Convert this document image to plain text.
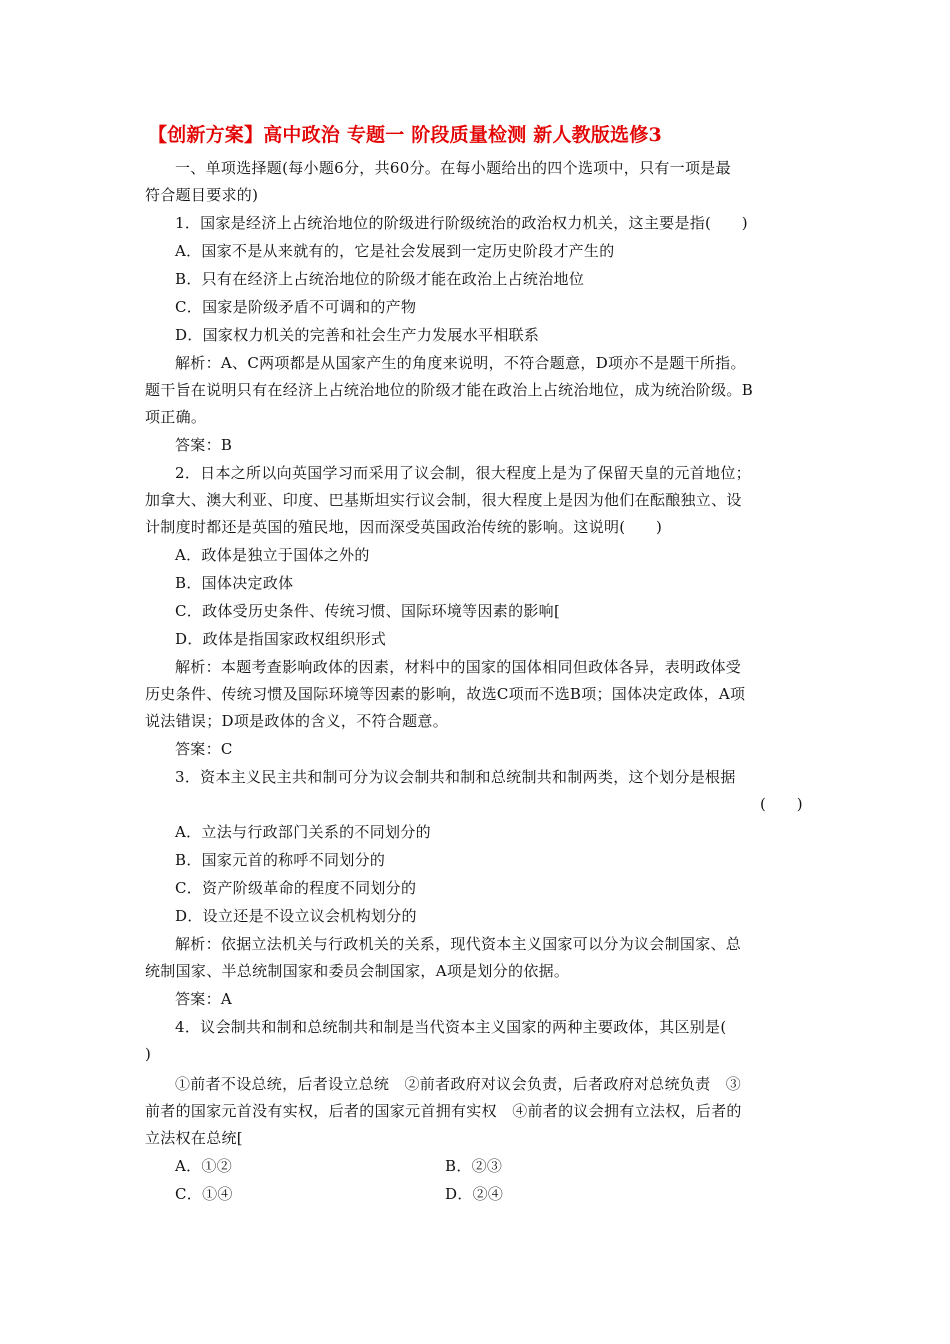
【创新方案】高中政治 专题一 阶段质量检测 新人教版选修3
一、单项选择题(每小题6分，共60分。在每小题给出的四个选项中，只有一项是最
符合题目要求的)
1．国家是经济上占统治地位的阶级进行阶级统治的政治权力机关，这主要是指(　　)
A．国家不是从来就有的，它是社会发展到一定历史阶段才产生的
B．只有在经济上占统治地位的阶级才能在政治上占统治地位
C．国家是阶级矛盾不可调和的产物
D．国家权力机关的完善和社会生产力发展水平相联系
解析：A、C两项都是从国家产生的角度来说明，不符合题意，D项亦不是题干所指。
题干旨在说明只有在经济上占统治地位的阶级才能在政治上占统治地位，成为统治阶级。B
项正确。
答案：B
2．日本之所以向英国学习而采用了议会制，很大程度上是为了保留天皇的元首地位；
加拿大、澳大利亚、印度、巴基斯坦实行议会制，很大程度上是因为他们在酝酿独立、设
计制度时都还是英国的殖民地，因而深受英国政治传统的影响。这说明(　　)
A．政体是独立于国体之外的
B．国体决定政体
C．政体受历史条件、传统习惯、国际环境等因素的影响[
D．政体是指国家政权组织形式
解析：本题考查影响政体的因素，材料中的国家的国体相同但政体各异，表明政体受
历史条件、传统习惯及国际环境等因素的影响，故选C项而不选B项；国体决定政体，A项
说法错误；D项是政体的含义，不符合题意。
答案：C
3．资本主义民主共和制可分为议会制共和制和总统制共和制两类，这个划分是根据
(　　)
A．立法与行政部门关系的不同划分的
B．国家元首的称呼不同划分的
C．资产阶级革命的程度不同划分的
D．设立还是不设立议会机构划分的
解析：依据立法机关与行政机关的关系，现代资本主义国家可以分为议会制国家、总
统制国家、半总统制国家和委员会制国家，A项是划分的依据。
答案：A
4．议会制共和制和总统制共和制是当代资本主义国家的两种主要政体，其区别是(
)
①前者不设总统，后者设立总统　②前者政府对议会负责，后者政府对总统负责　③
前者的国家元首没有实权，后者的国家元首拥有实权　④前者的议会拥有立法权，后者的
立法权在总统[
A．①②	B．②③
C．①④	D．②④
